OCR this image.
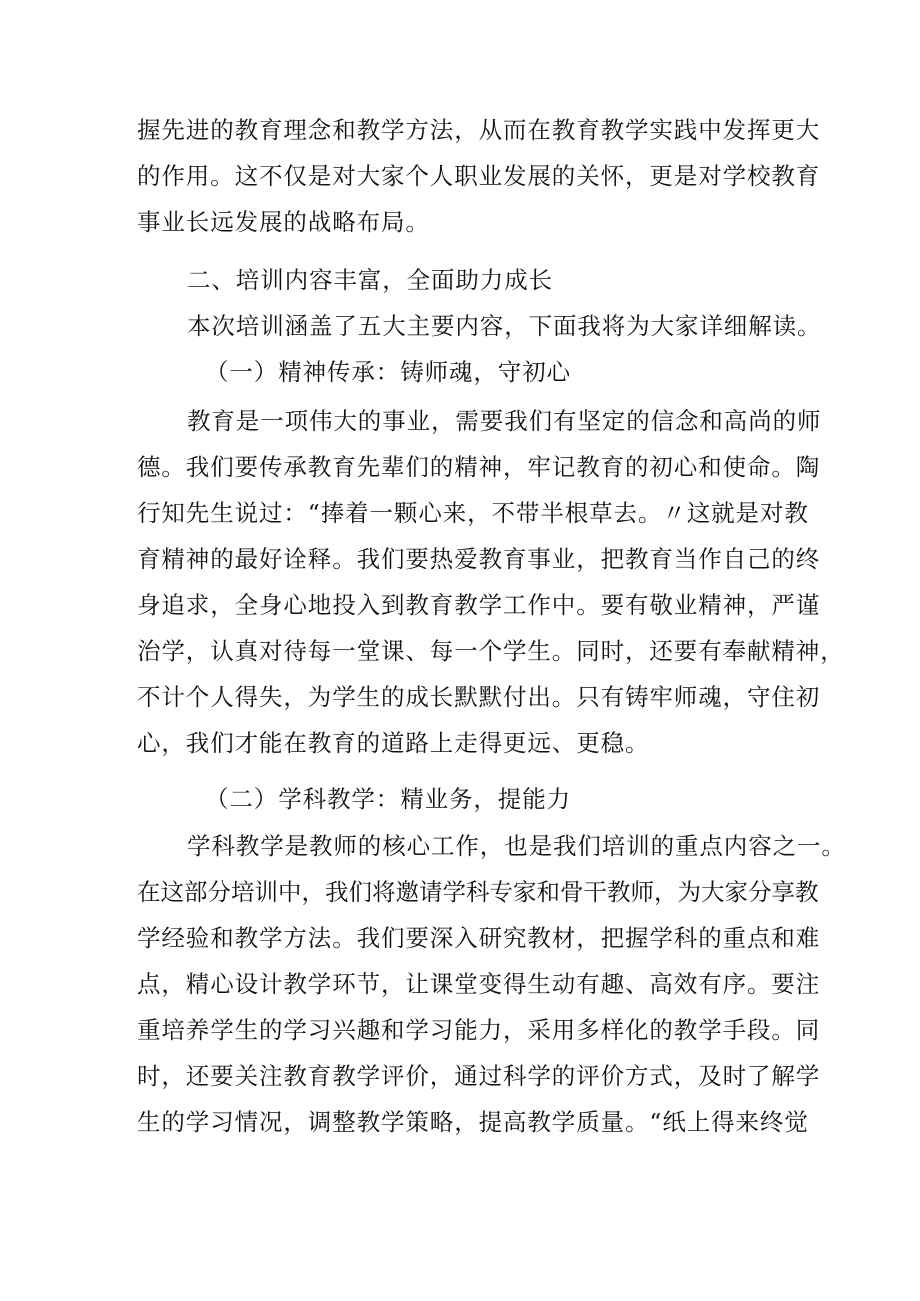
握先进的教育理念和教学方法，从而在教育教学实践中发挥更大
的作用。这不仅是对大家个人职业发展的关怀，更是对学校教育
事业长远发展的战略布局。
二、培训内容丰富，全面助力成长
本次培训涵盖了五大主要内容，下面我将为大家详细解读。
（一）精神传承：铸师魂，守初心
教育是一项伟大的事业，需要我们有坚定的信念和高尚的师
德。我们要传承教育先辈们的精神，牢记教育的初心和使命。陶
行知先生说过：“捧着一颗心来，不带半根草去。〃这就是对教
育精神的最好诠释。我们要热爱教育事业，把教育当作自己的终
身追求，全身心地投入到教育教学工作中。要有敬业精神，严谨
治学，认真对待每一堂课、每一个学生。同时，还要有奉献精神，
不计个人得失，为学生的成长默默付出。只有铸牢师魂，守住初
心，我们才能在教育的道路上走得更远、更稳。
（二）学科教学：精业务，提能力
学科教学是教师的核心工作，也是我们培训的重点内容之一。
在这部分培训中，我们将邀请学科专家和骨干教师，为大家分享教
学经验和教学方法。我们要深入研究教材，把握学科的重点和难
点，精心设计教学环节，让课堂变得生动有趣、高效有序。要注
重培养学生的学习兴趣和学习能力，采用多样化的教学手段。同
时，还要关注教育教学评价，通过科学的评价方式，及时了解学
生的学习情况，调整教学策略，提高教学质量。“纸上得来终觉
